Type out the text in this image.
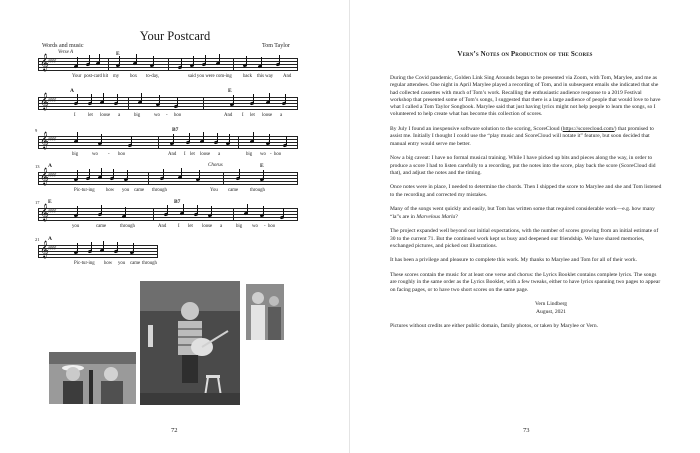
Your Postcard
Words and music	Tom Taylor
𝄞 ♯♯♯♯
Verse A	E
Your post-card hit my box to-day,	said you were com-ing back this way And
𝄞 ♯♯♯♯
A	E
I	let loose a	big	wo - hoo	And I let loose a
9
𝄞 ♯♯♯♯
B7
big	wo - hoo	And I let loose a	big wo - hoo
13
𝄞 ♯♯♯♯
A	Chorus	E
Pic-tur-ing how you came through	You came through
17
𝄞 ♯♯♯♯
E	B7
you	came	through	And I let loose a	big wo - hoo
21
𝄞 ♯♯♯♯
A
Pic-tur-ing how you came through
72
Vern’s Notes on Production of the Scores

During the Covid pandemic, Golden Link Sing Arounds began to be presented via Zoom, with Tom, Marylee, and me as regular attendees. One night in April Marylee played a recording of Tom, and in subsequent emails she indicated that she had collected cassettes with much of Tom’s work. Recalling the enthusiastic audience response to a 2019 Festival workshop that presented some of Tom’s songs, I suggested that there is a large audience of people that would love to have what I called a Tom Taylor Songbook. Marylee said that just having lyrics might not help people to learn the songs, so I volunteered to help create what has become this collection of scores.

By July I found an inexpensive software solution to the scoring, ScoreCloud (https://scorecloud.com/) that promised to assist me. Initially I thought I could use the “play music and ScoreCloud will notate it” feature, but soon decided that manual entry would serve me better.

Now a big caveat: I have no formal musical training. While I have picked up bits and pieces along the way, in order to produce a score I had to listen carefully to a recording, put the notes into the score, play back the score (ScoreCloud did that), and adjust the notes and the timing.

Once notes were in place, I needed to determine the chords. Then I shipped the score to Marylee and she and Tom listened to the recording and corrected my mistakes.

Many of the songs went quickly and easily, but Tom has written some that required considerable work—e.g. how many “la”s are in Marvelous Marla?

The project expanded well beyond our initial expectations, with the number of scores growing from an initial estimate of 30 to the current 71. But the continued work kept us busy and deepened our friendship. We have shared memories, exchanged pictures, and picked out illustrations.

It has been a privilege and pleasure to complete this work. My thanks to Marylee and Tom for all of their work.

These scores contain the music for at least one verse and chorus: the Lyrics Booklet contains complete lyrics. The songs are roughly in the same order as the Lyrics Booklet, with a few tweaks, either to have lyrics spanning two pages to appear on facing pages, or to have two short scores on the same page.

Vern Lindberg
August, 2021

Pictures without credits are either public domain, family photos, or taken by Marylee or Vern.

73
